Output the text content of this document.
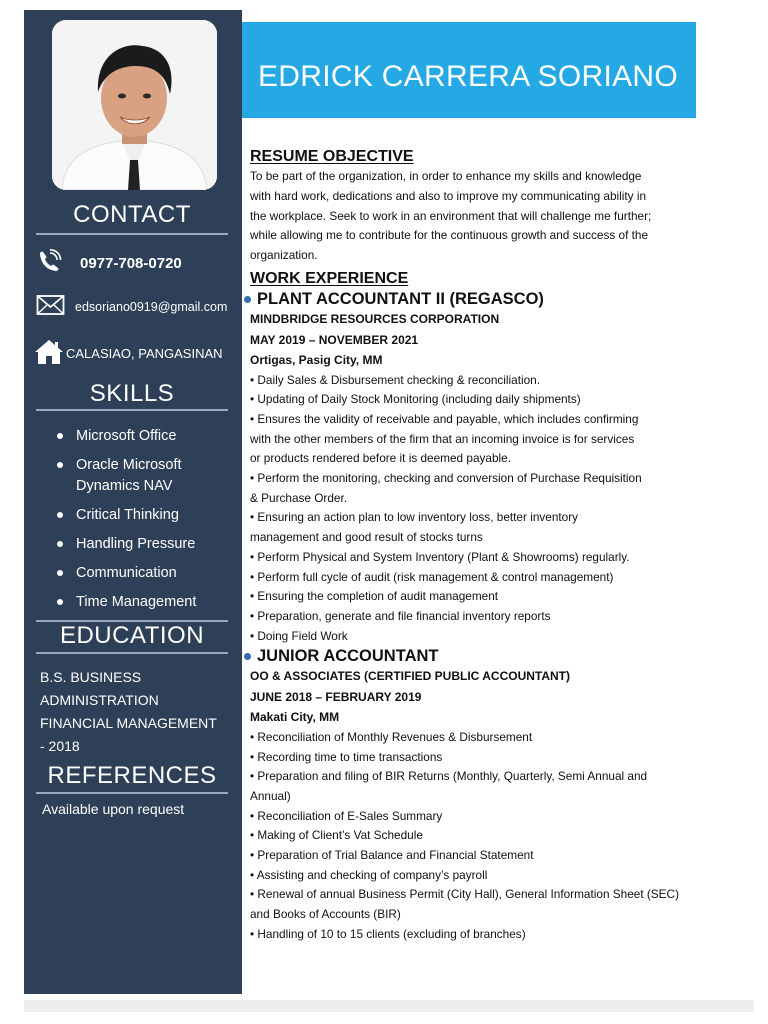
EDRICK CARRERA SORIANO
CONTACT
0977-708-0720
edsoriano0919@gmail.com
CALASIAO, PANGASINAN
SKILLS
Microsoft Office
Oracle Microsoft Dynamics NAV
Critical Thinking
Handling Pressure
Communication
Time Management
EDUCATION
B.S. BUSINESS
ADMINISTRATION
FINANCIAL MANAGEMENT
- 2018
REFERENCES
Available upon request
RESUME OBJECTIVE
To be part of the organization, in order to enhance my skills and knowledge
with hard work, dedications and also to improve my communicating ability in
the workplace. Seek to work in an environment that will challenge me further;
while allowing me to contribute for the continuous growth and success of the
organization.
WORK EXPERIENCE
PLANT ACCOUNTANT II (REGASCO)
MINDBRIDGE RESOURCES CORPORATION
MAY 2019 – NOVEMBER 2021
Ortigas, Pasig City, MM
• Daily Sales & Disbursement checking & reconciliation.
• Updating of Daily Stock Monitoring (including daily shipments)
• Ensures the validity of receivable and payable, which includes confirming
with the other members of the firm that an incoming invoice is for services
or products rendered before it is deemed payable.
• Perform the monitoring, checking and conversion of Purchase Requisition
& Purchase Order.
• Ensuring an action plan to low inventory loss, better inventory
management and good result of stocks turns
• Perform Physical and System Inventory (Plant & Showrooms) regularly.
• Perform full cycle of audit (risk management & control management)
• Ensuring the completion of audit management
• Preparation, generate and file financial inventory reports
• Doing Field Work
JUNIOR ACCOUNTANT
OO & ASSOCIATES (CERTIFIED PUBLIC ACCOUNTANT)
JUNE 2018 – FEBRUARY 2019
Makati City, MM
• Reconciliation of Monthly Revenues & Disbursement
• Recording time to time transactions
• Preparation and filing of BIR Returns (Monthly, Quarterly, Semi Annual and
Annual)
• Reconciliation of E-Sales Summary
• Making of Client’s Vat Schedule
• Preparation of Trial Balance and Financial Statement
• Assisting and checking of company’s payroll
• Renewal of annual Business Permit (City Hall), General Information Sheet (SEC)
and Books of Accounts (BIR)
• Handling of 10 to 15 clients (excluding of branches)
